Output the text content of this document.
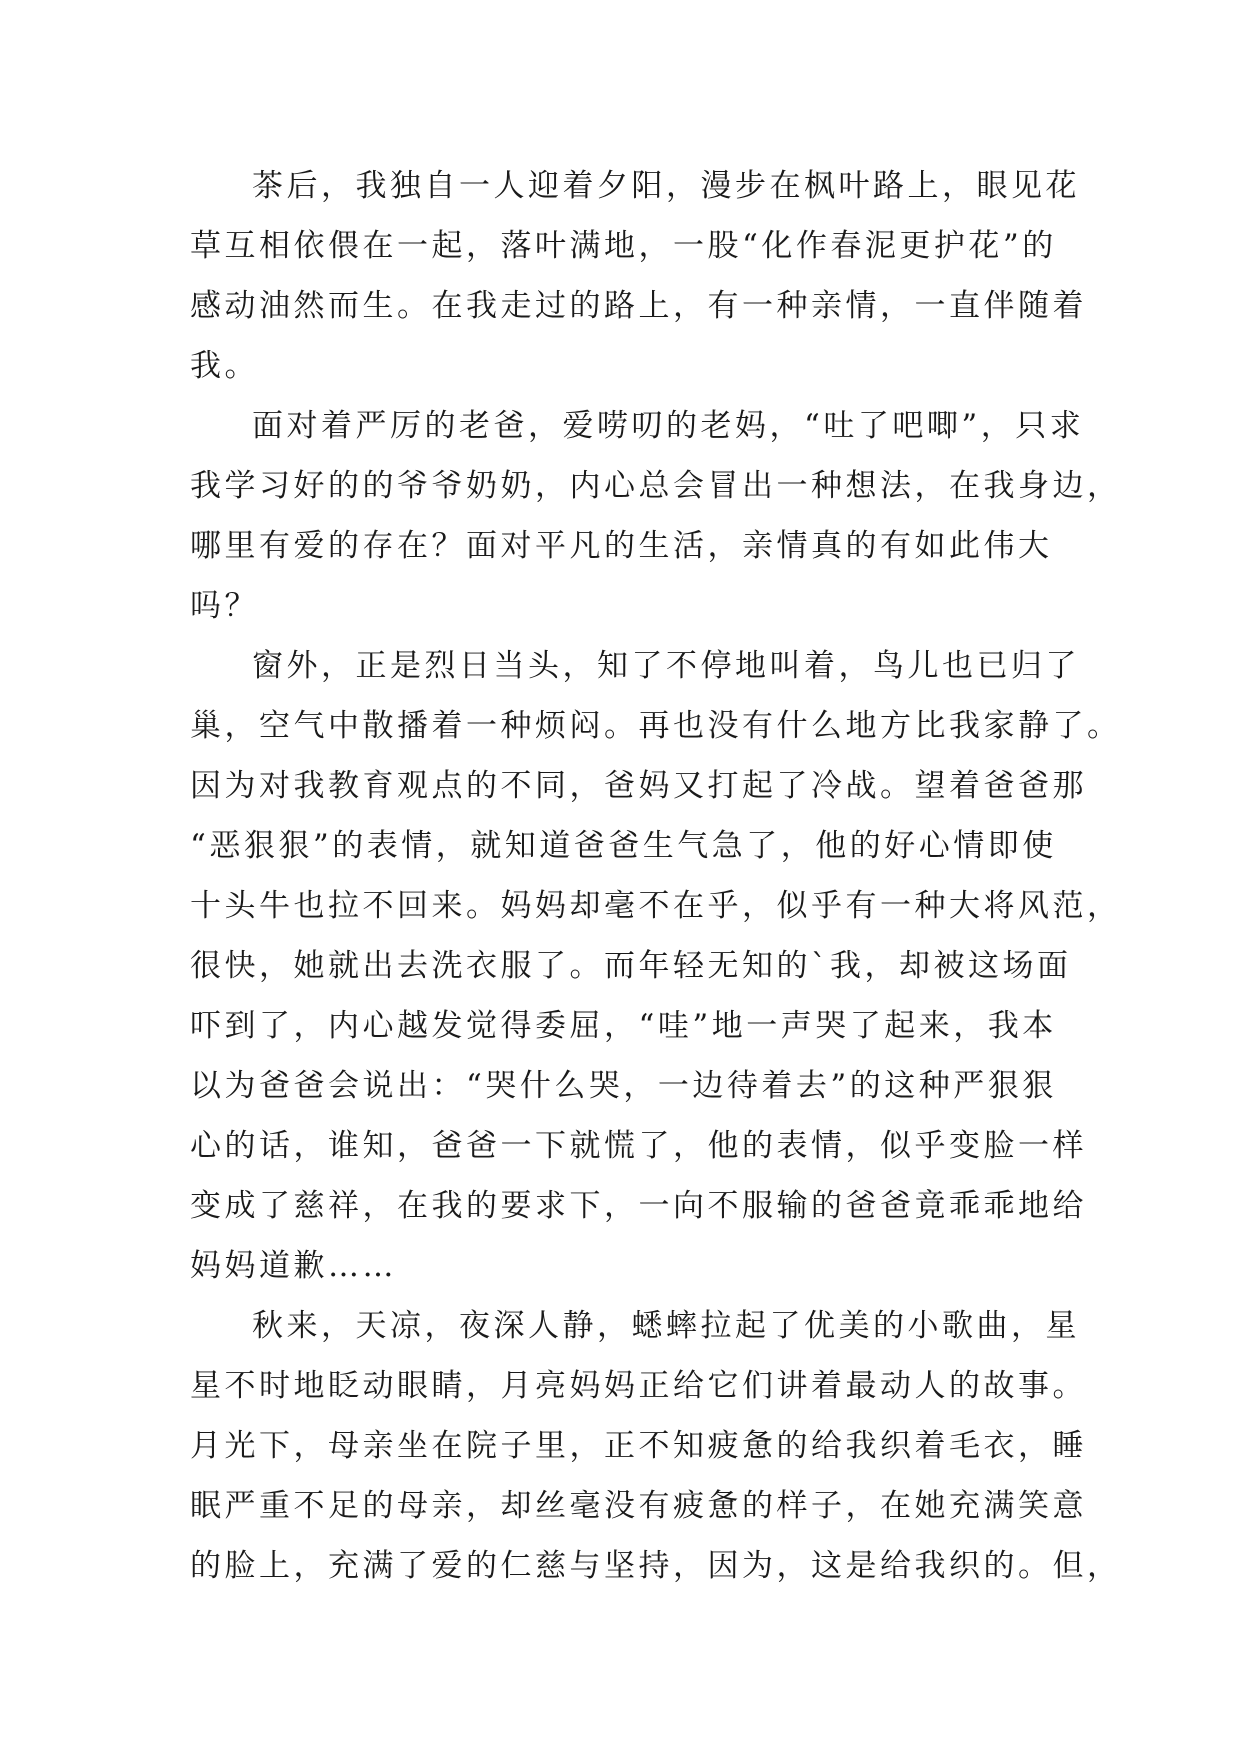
茶后，我独自一人迎着夕阳，漫步在枫叶路上，眼见花
草互相依偎在一起，落叶满地，一股“化作春泥更护花”的
感动油然而生。在我走过的路上，有一种亲情，一直伴随着
我。
面对着严厉的老爸，爱唠叨的老妈，“吐了吧唧”，只求
我学习好的的爷爷奶奶，内心总会冒出一种想法，在我身边，
哪里有爱的存在？面对平凡的生活，亲情真的有如此伟大
吗？
窗外，正是烈日当头，知了不停地叫着，鸟儿也已归了
巢，空气中散播着一种烦闷。再也没有什么地方比我家静了。
因为对我教育观点的不同，爸妈又打起了冷战。望着爸爸那
“恶狠狠”的表情，就知道爸爸生气急了，他的好心情即使
十头牛也拉不回来。妈妈却毫不在乎，似乎有一种大将风范，
很快，她就出去洗衣服了。而年轻无知的`我，却被这场面
吓到了，内心越发觉得委屈，“哇”地一声哭了起来，我本
以为爸爸会说出：“哭什么哭，一边待着去”的这种严狠狠
心的话，谁知，爸爸一下就慌了，他的表情，似乎变脸一样
变成了慈祥，在我的要求下，一向不服输的爸爸竟乖乖地给
妈妈道歉……
秋来，天凉，夜深人静，蟋蟀拉起了优美的小歌曲，星
星不时地眨动眼睛，月亮妈妈正给它们讲着最动人的故事。
月光下，母亲坐在院子里，正不知疲惫的给我织着毛衣，睡
眠严重不足的母亲，却丝毫没有疲惫的样子，在她充满笑意
的脸上，充满了爱的仁慈与坚持，因为，这是给我织的。但，
